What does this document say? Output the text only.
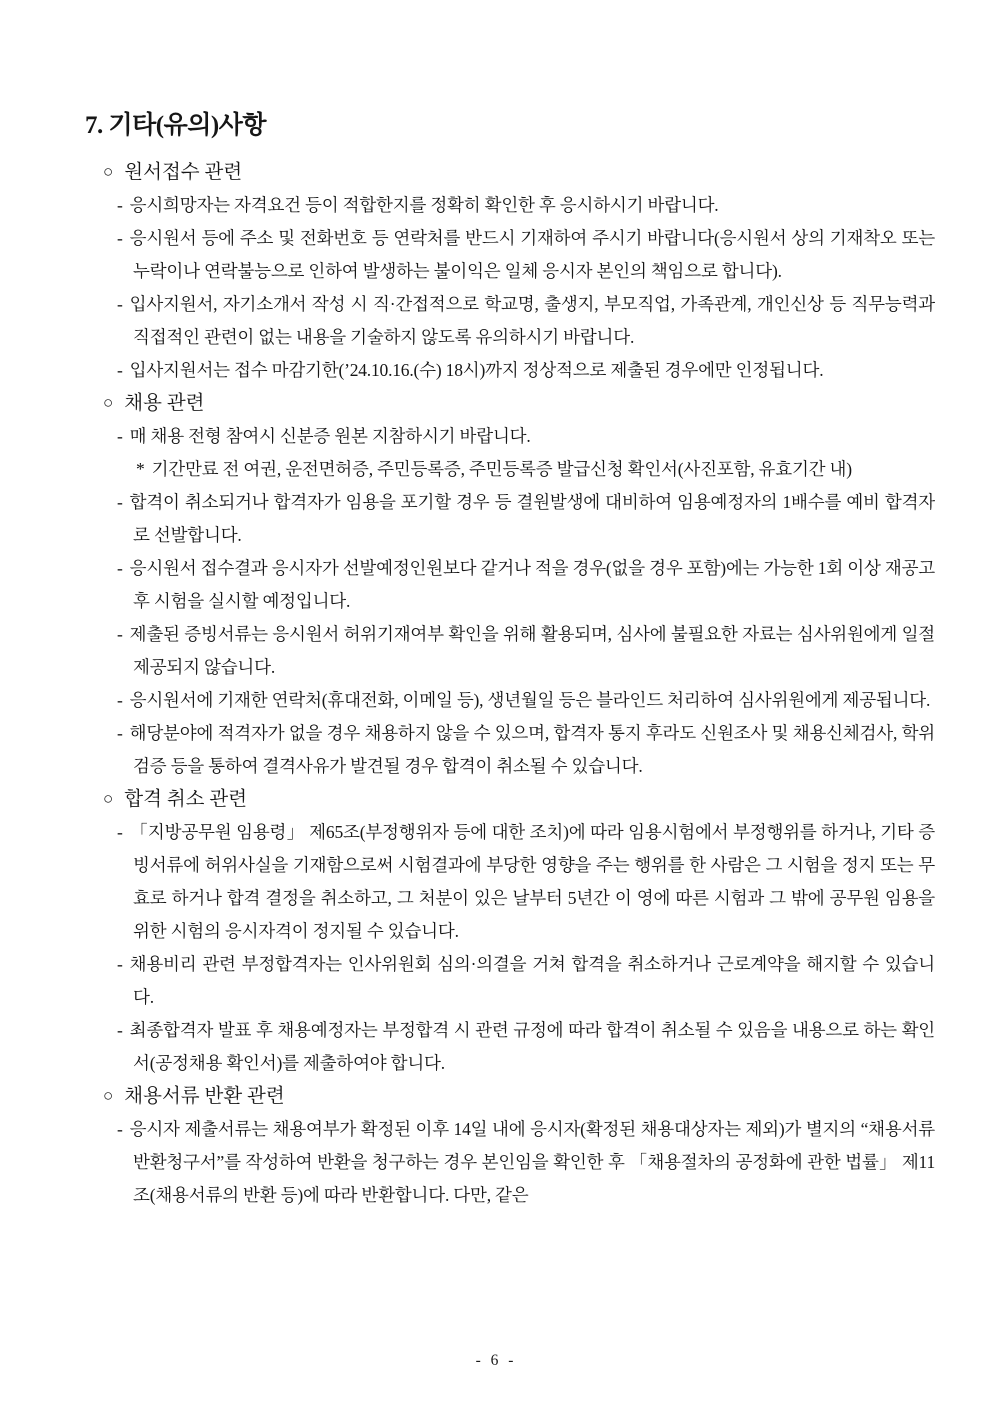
7. 기타(유의)사항

○ 원서접수 관련

- 응시희망자는 자격요건 등이 적합한지를 정확히 확인한 후 응시하시기 바랍니다.

- 응시원서 등에 주소 및 전화번호 등 연락처를 반드시 기재하여 주시기 바랍니다(응시원서 상의 기재착오 또는 누락이나 연락불능으로 인하여 발생하는 불이익은 일체 응시자 본인의 책임으로 합니다).

- 입사지원서, 자기소개서 작성 시 직·간접적으로 학교명, 출생지, 부모직업, 가족관계, 개인신상 등 직무능력과 직접적인 관련이 없는 내용을 기술하지 않도록 유의하시기 바랍니다.

- 입사지원서는 접수 마감기한(’24.10.16.(수) 18시)까지 정상적으로 제출된 경우에만 인정됩니다.

○ 채용 관련

- 매 채용 전형 참여시 신분증 원본 지참하시기 바랍니다.

* 기간만료 전 여권, 운전면허증, 주민등록증, 주민등록증 발급신청 확인서(사진포함, 유효기간 내)

- 합격이 취소되거나 합격자가 임용을 포기할 경우 등 결원발생에 대비하여 임용예정자의 1배수를 예비 합격자로 선발합니다.

- 응시원서 접수결과 응시자가 선발예정인원보다 같거나 적을 경우(없을 경우 포함)에는 가능한 1회 이상 재공고 후 시험을 실시할 예정입니다.

- 제출된 증빙서류는 응시원서 허위기재여부 확인을 위해 활용되며, 심사에 불필요한 자료는 심사위원에게 일절 제공되지 않습니다.

- 응시원서에 기재한 연락처(휴대전화, 이메일 등), 생년월일 등은 블라인드 처리하여 심사위원에게 제공됩니다.

- 해당분야에 적격자가 없을 경우 채용하지 않을 수 있으며, 합격자 통지 후라도 신원조사 및 채용신체검사, 학위검증 등을 통하여 결격사유가 발견될 경우 합격이 취소될 수 있습니다.

○ 합격 취소 관련

- 「지방공무원 임용령」 제65조(부정행위자 등에 대한 조치)에 따라 임용시험에서 부정행위를 하거나, 기타 증빙서류에 허위사실을 기재함으로써 시험결과에 부당한 영향을 주는 행위를 한 사람은 그 시험을 정지 또는 무효로 하거나 합격 결정을 취소하고, 그 처분이 있은 날부터 5년간 이 영에 따른 시험과 그 밖에 공무원 임용을 위한 시험의 응시자격이 정지될 수 있습니다.

- 채용비리 관련 부정합격자는 인사위원회 심의·의결을 거쳐 합격을 취소하거나 근로계약을 해지할 수 있습니다.

- 최종합격자 발표 후 채용예정자는 부정합격 시 관련 규정에 따라 합격이 취소될 수 있음을 내용으로 하는 확인서(공정채용 확인서)를 제출하여야 합니다.

○ 채용서류 반환 관련

- 응시자 제출서류는 채용여부가 확정된 이후 14일 내에 응시자(확정된 채용대상자는 제외)가 별지의 “채용서류 반환청구서”를 작성하여 반환을 청구하는 경우 본인임을 확인한 후 「채용절차의 공정화에 관한 법률」 제11조(채용서류의 반환 등)에 따라 반환합니다. 다만, 같은

- 6 -
